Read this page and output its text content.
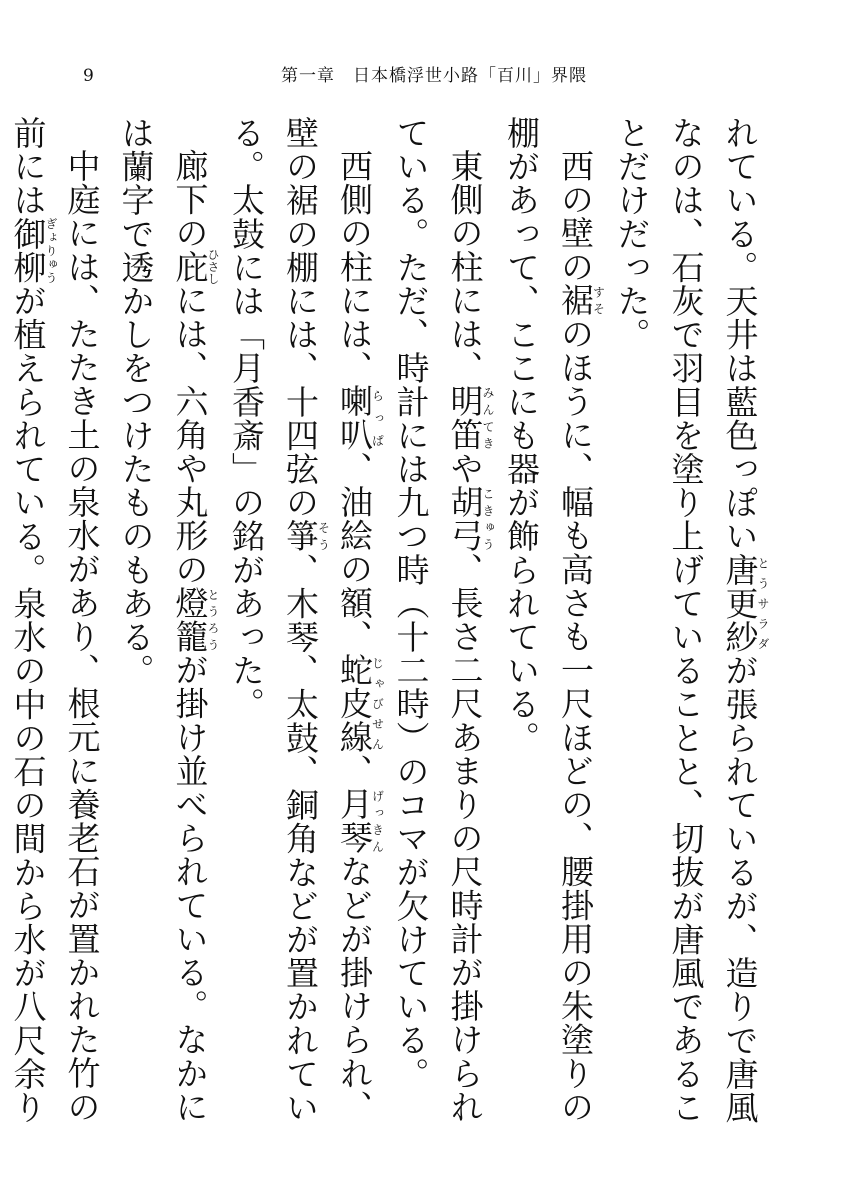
9	第一章　日本橋浮世小路「百川」界隈

れている。天井は藍色っぽい唐更紗とうサラダが張られているが、造りで唐風なのは、石灰で羽目を塗り上げていることと、切抜が唐風であることだけだった。

西の壁の裾すそのほうに、幅も高さも一尺ほどの、腰掛用の朱塗りの棚があって、ここにも器が飾られている。

東側の柱には、明笛みんてきや胡弓こきゅう、長さ二尺あまりの尺時計が掛けられている。ただ、時計には九つ時（十二時）のコマが欠けている。

西側の柱には、喇叭らっぱ、油絵の額、蛇皮線じゃびせん、月琴げっきんなどが掛けられ、壁の裾の棚には、十四弦の箏そう、木琴、太鼓、銅角などが置かれている。太鼓には「月香斎」の銘があった。

廊下の庇ひさしには、六角や丸形の燈籠とうろうが掛け並べられている。なかには蘭字で透かしをつけたものもある。

中庭には、たたき土の泉水があり、根元に養老石が置かれた竹の前には御柳ぎょりゅうが植えられている。泉水の中の石の間から水が八尺余り
